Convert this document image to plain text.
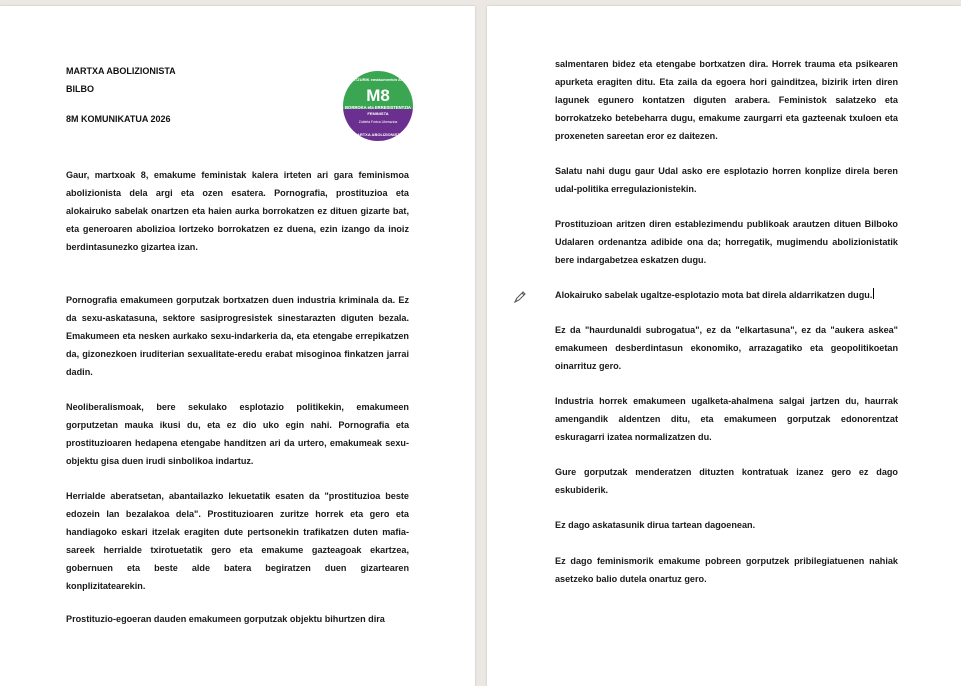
MARTXA ABOLIZIONISTA
BILBO
8M KOMUNIKATUA 2026
ZERBITZURIK emakumeekin AGINTE
M8
BORROKA eta ERRESISTENTZIA
FEMINISTA
Zubieta Fortza Liberazioa
MARTXA ABOLIZIONISTA

Gaur, martxoak 8, emakume feministak kalera irteten ari gara feminismoa abolizionista dela argi eta ozen esatera. Pornografia, prostituzioa eta alokairuko sabelak onartzen eta haien aurka borrokatzen ez dituen gizarte bat, eta generoaren abolizioa lortzeko borrokatzen ez duena, ezin izango da inoiz berdintasunezko gizartea izan.

Pornografia emakumeen gorputzak bortxatzen duen industria kriminala da. Ez da sexu-askatasuna, sektore sasiprogresistek sinestarazten diguten bezala. Emakumeen eta nesken aurkako sexu-indarkeria da, eta etengabe errepikatzen da, gizonezkoen iruditerian sexualitate-eredu erabat misoginoa finkatzen jarrai dadin.

Neoliberalismoak, bere sekulako esplotazio politikekin, emakumeen gorputzetan mauka ikusi du, eta ez dio uko egin nahi. Pornografia eta prostituzioaren hedapena etengabe handitzen ari da urtero, emakumeak sexu-objektu gisa duen irudi sinbolikoa indartuz.

Herrialde aberatsetan, abantailazko lekuetatik esaten da "prostituzioa beste edozein lan bezalakoa dela". Prostituzioaren zuritze horrek eta gero eta handiagoko eskari itzelak eragiten dute pertsonekin trafikatzen duten mafia-sareek herrialde txirotuetatik gero eta emakume gazteagoak ekartzea, gobernuen eta beste alde batera begiratzen duen gizartearen konplizitatearekin.

Prostituzio-egoeran dauden emakumeen gorputzak objektu bihurtzen dira

salmentaren bidez eta etengabe bortxatzen dira. Horrek trauma eta psikearen apurketa eragiten ditu. Eta zaila da egoera hori gainditzea, bizirik irten diren lagunek egunero kontatzen diguten arabera. Feministok salatzeko eta borrokatzeko betebeharra dugu, emakume zaurgarri eta gazteenak txuloen eta proxeneten sareetan eror ez daitezen.

Salatu nahi dugu gaur Udal asko ere esplotazio horren konplize direla beren udal-politika erregulazionistekin.

Prostituzioan aritzen diren establezimendu publikoak arautzen dituen Bilboko Udalaren ordenantza adibide ona da; horregatik, mugimendu abolizionistatik bere indargabetzea eskatzen dugu.

Alokairuko sabelak ugaltze-esplotazio mota bat direla aldarrikatzen dugu.

Ez da "haurdunaldi subrogatua", ez da "elkartasuna", ez da "aukera askea" emakumeen desberdintasun ekonomiko, arrazagatiko eta geopolitikoetan oinarrituz gero.

Industria horrek emakumeen ugalketa-ahalmena salgai jartzen du, haurrak amengandik aldentzen ditu, eta emakumeen gorputzak edonorentzat eskuragarri izatea normalizatzen du.

Gure gorputzak menderatzen dituzten kontratuak izanez gero ez dago eskubiderik.

Ez dago askatasunik dirua tartean dagoenean.

Ez dago feminismorik emakume pobreen gorputzek pribilegiatuenen nahiak asetzeko balio dutela onartuz gero.
